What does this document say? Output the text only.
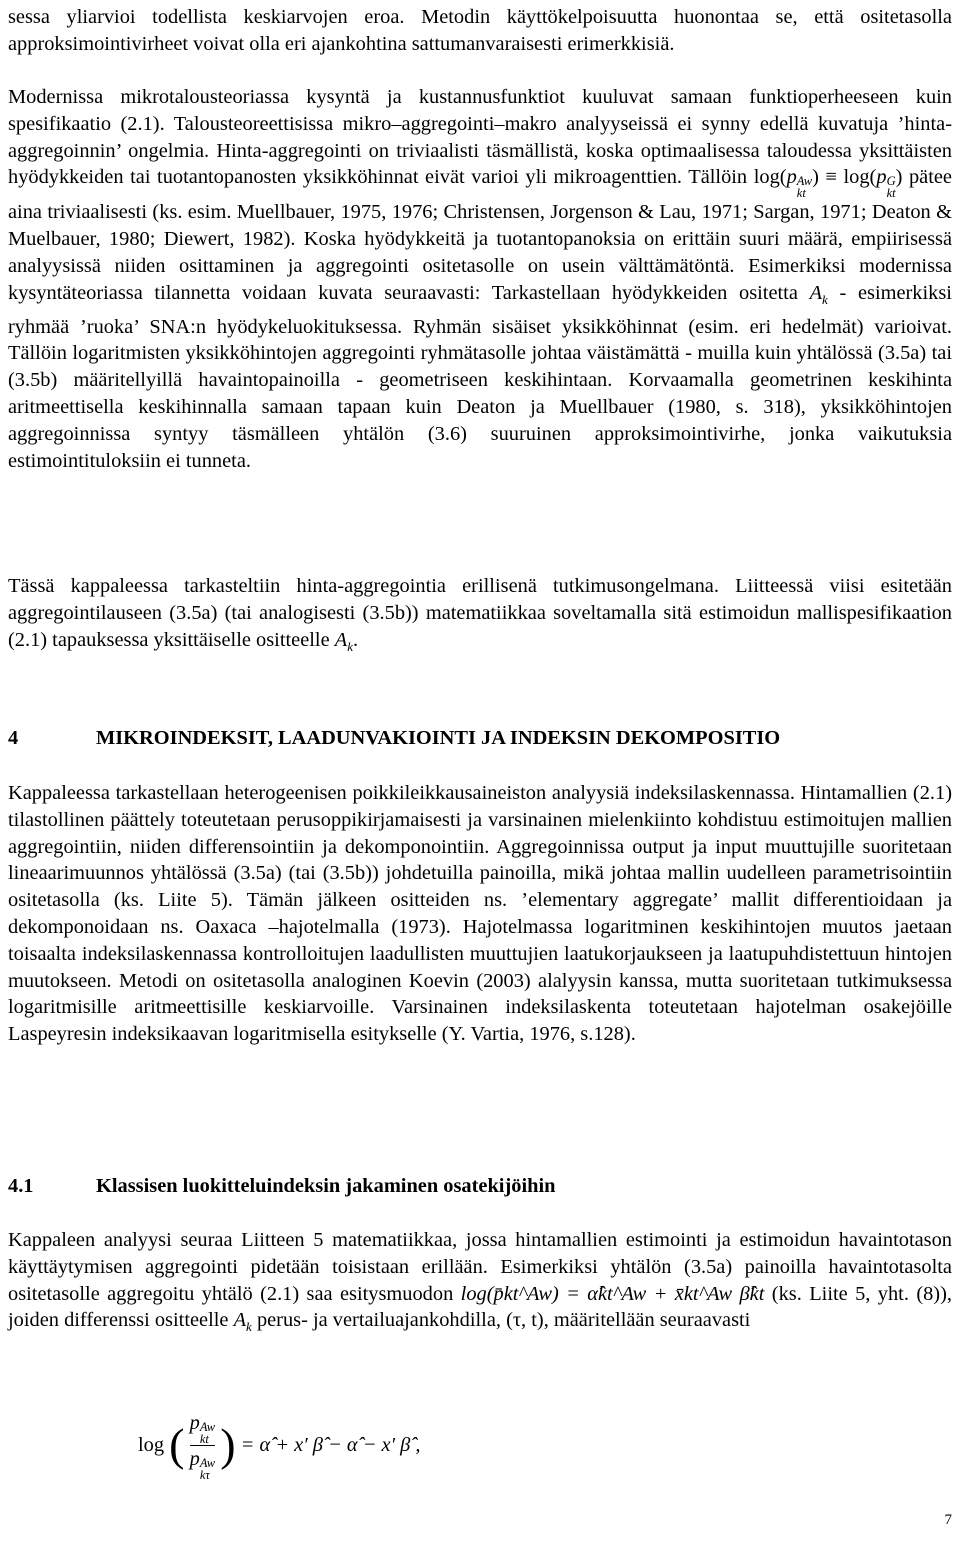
sessa yliarvioi todellista keskiarvojen eroa. Metodin käyttökelpoisuutta huonontaa se, että ositetasolla approksimointivirheet voivat olla eri ajankohtina sattumanvaraisesti erimerkkisiä.

Modernissa mikrotalousteoriassa kysyntä ja kustannusfunktiot kuuluvat samaan funktioperheeseen kuin spesifikaatio (2.1). Talousteoreettisissa mikro–aggregointi–makro analyyseissä ei synny edellä kuvatuja ’hinta-aggregoinnin’ ongelmia. Hinta-aggregointi on triviaalisti täsmällistä, koska optimaalisessa taloudessa yksittäisten hyödykkeiden tai tuotantopanosten yksikköhinnat eivät varioi yli mikroagenttien. Tällöin log(p Aw
kt
) ≡ log(p G
kt
) pätee aina triviaalisesti (ks. esim. Muellbauer, 1975, 1976; Christensen, Jorgenson & Lau, 1971; Sargan, 1971; Deaton & Muelbauer, 1980; Diewert, 1982). Koska hyödykkeitä ja tuotantopanoksia on erittäin suuri määrä, empiirisessä analyysissä niiden osittaminen ja aggregointi ositetasolle on usein välttämätöntä. Esimerkiksi modernissa kysyntäteoriassa tilannetta voidaan kuvata seuraavasti: Tarkastellaan hyödykkeiden ositetta $A_k$ - esimerkiksi ryhmää ’ruoka’ SNA:n hyödykeluokituksessa. Ryhmän sisäiset yksikköhinnat (esim. eri hedelmät) varioivat. Tällöin logaritmisten yksikköhintojen aggregointi ryhmätasolle johtaa väistämättä - muilla kuin yhtälössä (3.5a) tai (3.5b) määritellyillä havaintopainoilla - geometriseen keskihintaan. Korvaamalla geometrinen keskihinta aritmeettisella keskihinnalla samaan tapaan kuin Deaton ja Muellbauer (1980, s. 318), yksikköhintojen aggregoinnissa syntyy täsmälleen yhtälön (3.6) suuruinen approksimointivirhe, jonka vaikutuksia estimointituloksiin ei tunneta.

Tässä kappaleessa tarkasteltiin hinta-aggregointia erillisenä tutkimusongelmana. Liitteessä viisi esitetään aggregointilauseen (3.5a) (tai analogisesti (3.5b)) matematiikkaa soveltamalla sitä estimoidun mallispesifikaation (2.1) tapauksessa yksittäiselle ositteelle $A_k$.

4	MIKROINDEKSIT, LAADUNVAKIOINTI JA INDEKSIN DEKOMPOSITIO

Kappaleessa tarkastellaan heterogeenisen poikkileikkausaineiston analyysiä indeksilaskennassa. Hintamallien (2.1) tilastollinen päättely toteutetaan perusoppikirjamaisesti ja varsinainen mielenkiinto kohdistuu estimoitujen mallien aggregointiin, niiden differensointiin ja dekomponointiin. Aggregoinnissa output ja input muuttujille suoritetaan lineaarimuunnos yhtälössä (3.5a) (tai (3.5b)) johdetuilla painoilla, mikä johtaa mallin uudelleen parametrisointiin ositetasolla (ks. Liite 5). Tämän jälkeen ositteiden ns. ’elementary aggregate’ mallit differentioidaan ja dekomponoidaan ns. Oaxaca –hajotelmalla (1973). Hajotelmassa logaritminen keskihintojen muutos jaetaan toisaalta indeksilaskennassa kontrolloitujen laadullisten muuttujien laatukorjaukseen ja laatupuhdistettuun hintojen muutokseen. Metodi on ositetasolla analoginen Koevin (2003) alalyysin kanssa, mutta suoritetaan tutkimuksessa logaritmisille aritmeettisille keskiarvoille. Varsinainen indeksilaskenta toteutetaan hajotelman osakejöille Laspeyresin indeksikaavan logaritmisella esitykselle (Y. Vartia, 1976, s.128).

4.1	Klassisen luokitteluindeksin jakaminen osatekijöihin

Kappaleen analyysi seuraa Liitteen 5 matematiikkaa, jossa hintamallien estimointi ja estimoidun havaintotason käyttäytymisen aggregointi pidetään toisistaan erillään. Esimerkiksi yhtälön (3.5a) painoilla havaintotasolta ositetasolle aggregoitu yhtälö (2.1) saa esitysmuodon log(p̄kt^Aw) = α̂kt^Aw + x̄kt^Aw β̂kt (ks. Liite 5, yht. (8)), joiden differenssi ositteelle $A_k$ perus- ja vertailuajankohdilla, (τ, t), määritellään seuraavasti

log ( p Aw
kt
p Aw
kτ ) = α̂ + x′ β̂ − α̂ − x′ β̂ ,
7
